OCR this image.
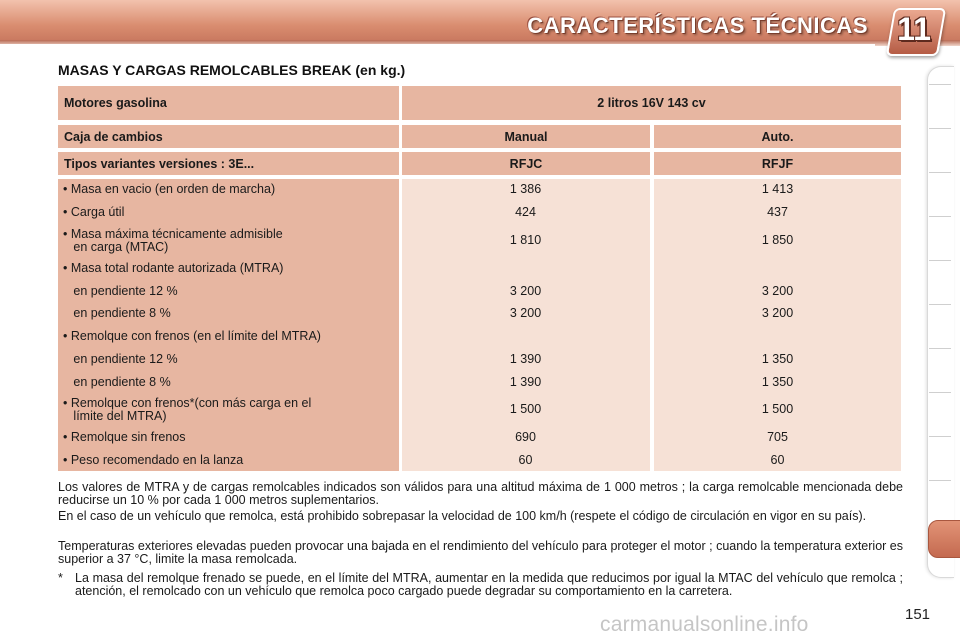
CARACTERÍSTICAS TÉCNICAS 11
MASAS Y CARGAS REMOLCABLES BREAK (en kg.)
Motores gasolina	2 litros 16V 143 cv
Caja de cambios	Manual	Auto.
Tipos variantes versiones : 3E...	RFJC	RFJF
• Masa en vacio (en orden de marcha)	1 386	1 413
• Carga útil	424	437
• Masa máxima técnicamente admisible
en carga (MTAC)	1 810	1 850
• Masa total rodante autorizada (MTRA)
en pendiente 12 %	3 200	3 200
en pendiente 8 %	3 200	3 200
• Remolque con frenos (en el límite del MTRA)
en pendiente 12 %	1 390	1 350
en pendiente 8 %	1 390	1 350
• Remolque con frenos*(con más carga en el
límite del MTRA)	1 500	1 500
• Remolque sin frenos	690	705
• Peso recomendado en la lanza	60	60
Los valores de MTRA y de cargas remolcables indicados son válidos para una altitud máxima de 1 000 metros ; la carga remolcable mencionada debe reducirse un 10 % por cada 1 000 metros suplementarios.
En el caso de un vehículo que remolca, está prohibido sobrepasar la velocidad de 100 km/h (respete el código de circulación en vigor en su país).
Temperaturas exteriores elevadas pueden provocar una bajada en el rendimiento del vehículo para proteger el motor ; cuando la temperatura exterior es superior a 37 °C, limite la masa remolcada.
* La masa del remolque frenado se puede, en el límite del MTRA, aumentar en la medida que reducimos por igual la MTAC del vehículo que remolca ; atención, el remolcado con un vehículo que remolca poco cargado puede degradar su comportamiento en la carretera.
151
carmanualsonline.info
